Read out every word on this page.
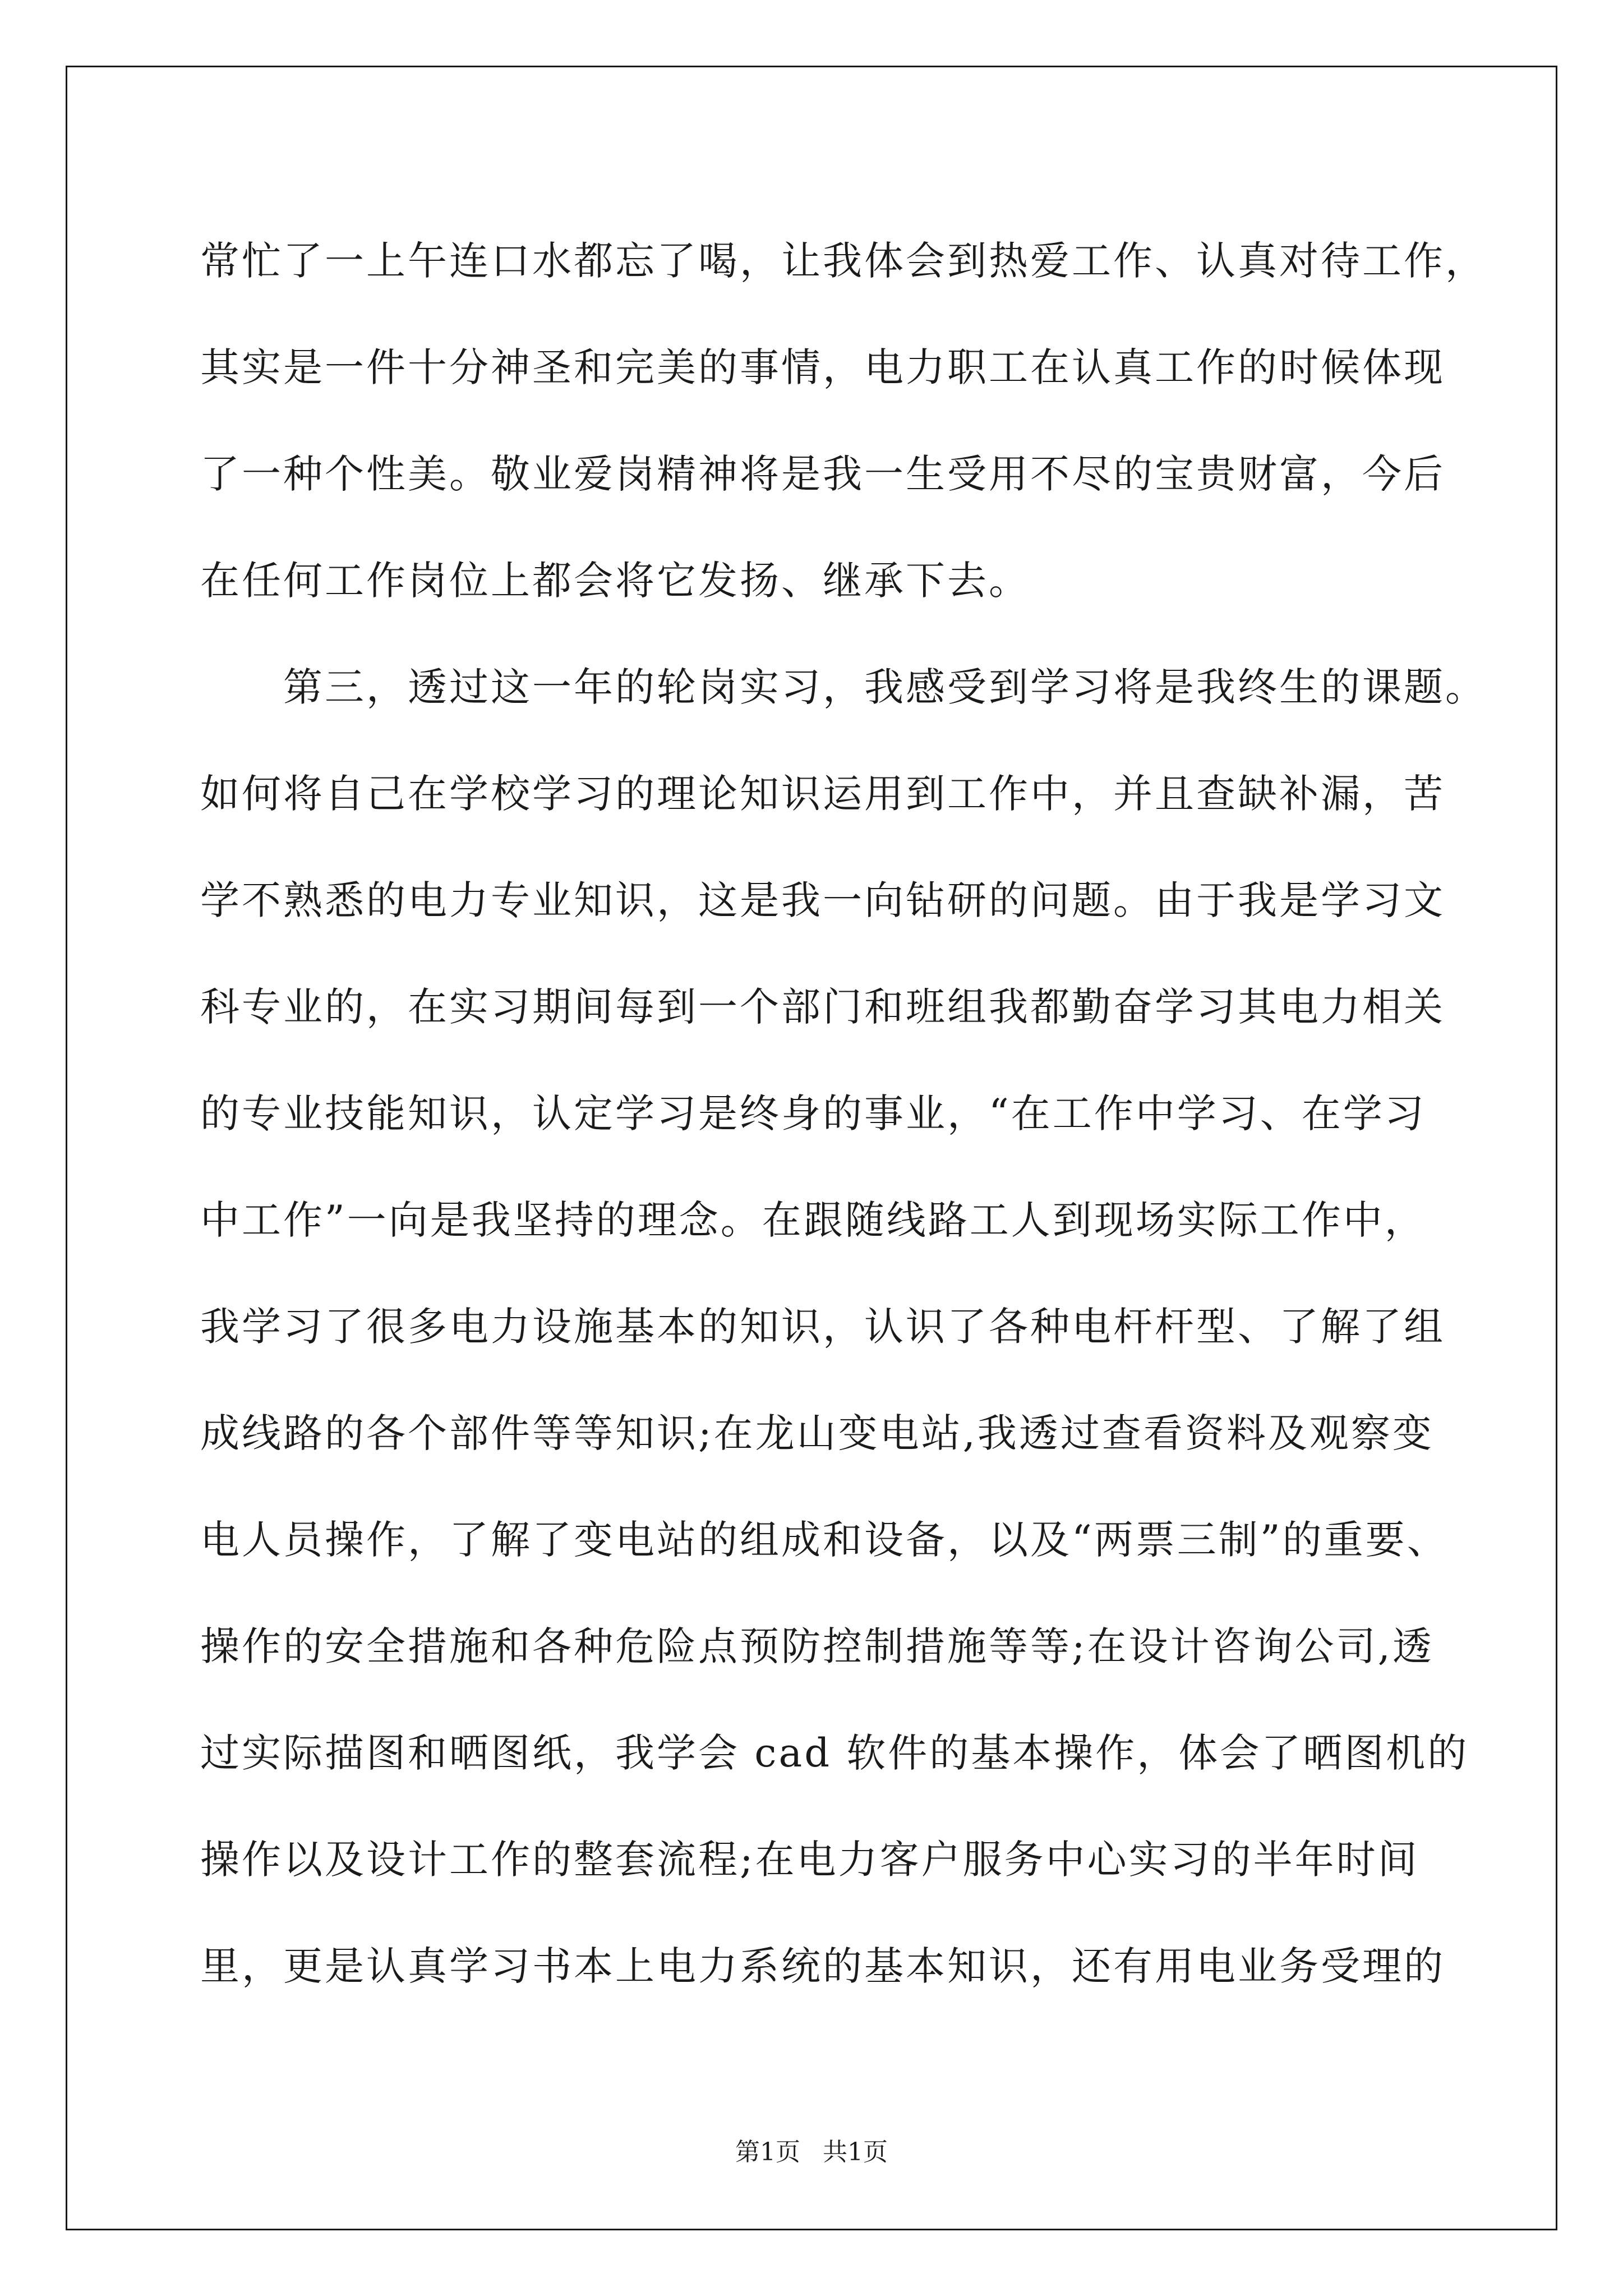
常忙了一上午连口水都忘了喝，让我体会到热爱工作、认真对待工作，
其实是一件十分神圣和完美的事情，电力职工在认真工作的时候体现
了一种个性美。敬业爱岗精神将是我一生受用不尽的宝贵财富，今后
在任何工作岗位上都会将它发扬、继承下去。
　　第三，透过这一年的轮岗实习，我感受到学习将是我终生的课题。
如何将自己在学校学习的理论知识运用到工作中，并且查缺补漏，苦
学不熟悉的电力专业知识，这是我一向钻研的问题。由于我是学习文
科专业的，在实习期间每到一个部门和班组我都勤奋学习其电力相关
的专业技能知识，认定学习是终身的事业，“在工作中学习、在学习
中工作”一向是我坚持的理念。在跟随线路工人到现场实际工作中，
我学习了很多电力设施基本的知识，认识了各种电杆杆型、了解了组
成线路的各个部件等等知识;在龙山变电站,我透过查看资料及观察变
电人员操作，了解了变电站的组成和设备，以及“两票三制”的重要、
操作的安全措施和各种危险点预防控制措施等等;在设计咨询公司,透
过实际描图和晒图纸，我学会 cad 软件的基本操作，体会了晒图机的
操作以及设计工作的整套流程;在电力客户服务中心实习的半年时间
里，更是认真学习书本上电力系统的基本知识，还有用电业务受理的
第1页 共1页
